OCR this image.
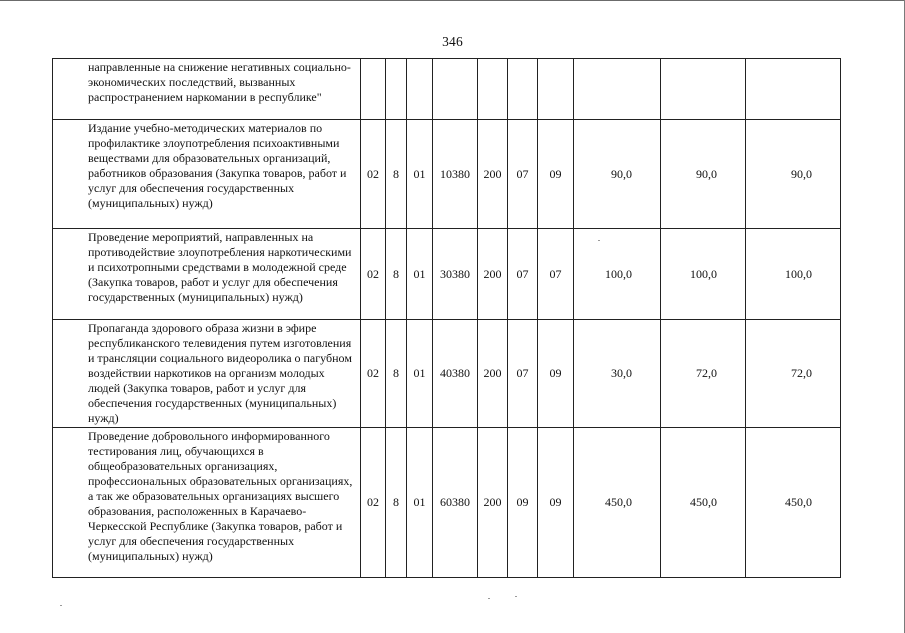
346
направленные на снижение негативных социально-экономических последствий, вызванных распространением наркомании в республике"										
Издание учебно-методических материалов по профилактике злоупотребления психоактивными веществами для образовательных организаций, работников образования (Закупка товаров, работ и услуг для обеспечения государственных (муниципальных) нужд)	02	8	01	10380	200	07	09	90,0	90,0	90,0
Проведение мероприятий, направленных на противодействие злоупотребления наркотическими и психотропными средствами в молодежной среде (Закупка товаров, работ и услуг для обеспечения государственных (муниципальных) нужд)	02	8	01	30380	200	07	07	100,0	100,0	100,0
Пропаганда здорового образа жизни в эфире республиканского телевидения путем изготовления и трансляции социального видеоролика о пагубном воздействии наркотиков на организм молодых людей (Закупка товаров, работ и услуг для обеспечения государственных (муниципальных) нужд)	02	8	01	40380	200	07	09	30,0	72,0	72,0
Проведение добровольного информированного тестирования лиц, обучающихся в общеобразовательных организациях, профессиональных образовательных организациях, а так же образовательных организациях высшего образования, расположенных в Карачаево-Черкесской Республике (Закупка товаров, работ и услуг для обеспечения государственных (муниципальных) нужд)	02	8	01	60380	200	09	09	450,0	450,0	450,0
